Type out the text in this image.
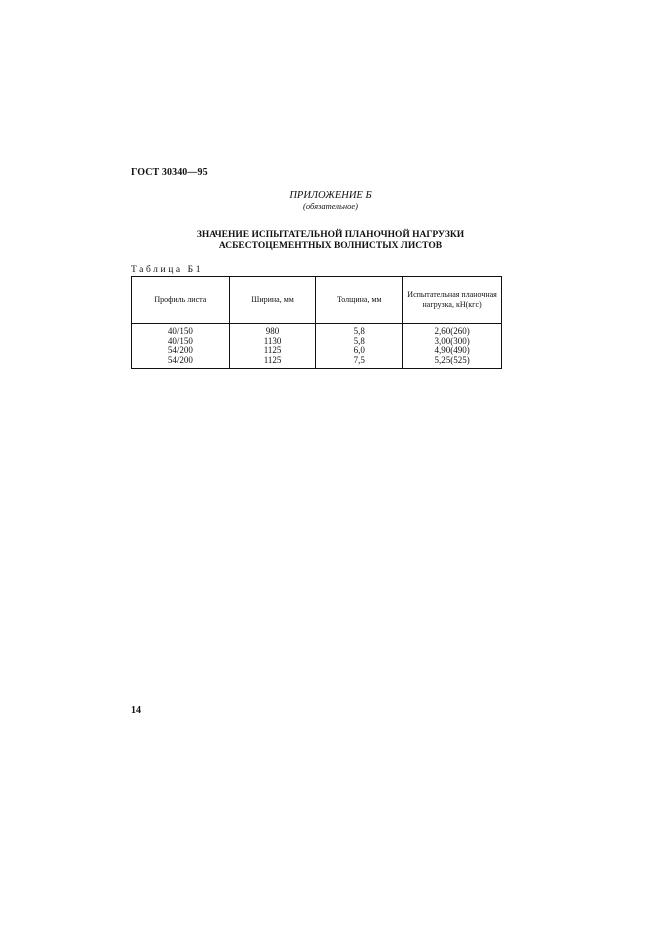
ГОСТ 30340—95
ПРИЛОЖЕНИЕ Б
(обязательное)
ЗНАЧЕНИЕ ИСПЫТАТЕЛЬНОЙ ПЛАНОЧНОЙ НАГРУЗКИ
АСБЕСТОЦЕМЕНТНЫХ ВОЛНИСТЫХ ЛИСТОВ
Таблица Б1
Профиль листа	Ширина, мм	Толщина, мм	Испытательная планочная нагрузка, кН(кгс)
40/150	980	5,8	2,60(260)
40/150	1130	5,8	3,00(300)
54/200	1125	6,0	4,90(490)
54/200	1125	7,5	5,25(525)
14
